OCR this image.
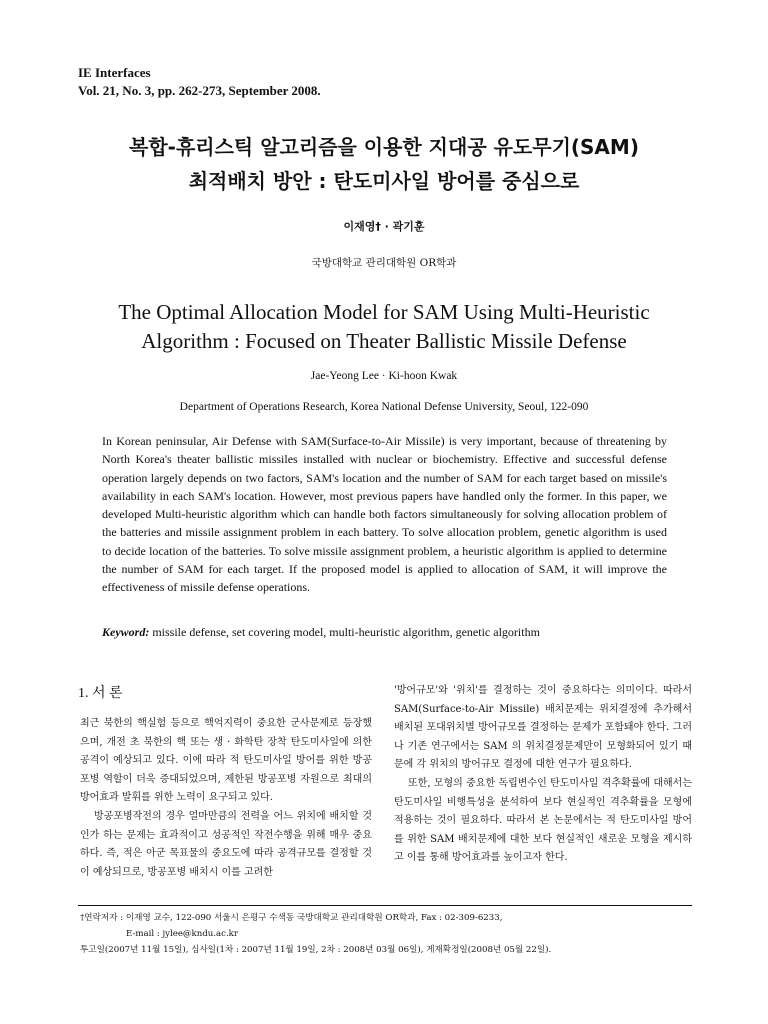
IE Interfaces
Vol. 21, No. 3, pp. 262-273, September 2008.
복합-휴리스틱 알고리즘을 이용한 지대공 유도무기(SAM)
최적배치 방안 : 탄도미사일 방어를 중심으로
이재영† · 곽기훈
국방대학교 관리대학원 OR학과
The Optimal Allocation Model for SAM Using Multi-Heuristic
Algorithm : Focused on Theater Ballistic Missile Defense
Jae-Yeong Lee · Ki-hoon Kwak
Department of Operations Research, Korea National Defense University, Seoul, 122-090
In Korean peninsular, Air Defense with SAM(Surface-to-Air Missile) is very important, because of threatening by North Korea's theater ballistic missiles installed with nuclear or biochemistry. Effective and successful defense operation largely depends on two factors, SAM's location and the number of SAM for each target based on missile's availability in each SAM's location. However, most previous papers have handled only the former. In this paper, we developed Multi-heuristic algorithm which can handle both factors simultaneously for solving allocation problem of the batteries and missile assignment problem in each battery. To solve allocation problem, genetic algorithm is used to decide location of the batteries. To solve missile assignment problem, a heuristic algorithm is applied to determine the number of SAM for each target. If the proposed model is applied to allocation of SAM, it will improve the effectiveness of missile defense operations.
Keyword: missile defense, set covering model, multi-heuristic algorithm, genetic algorithm
1. 서 론

최근 북한의 핵실험 등으로 핵억지력이 중요한 군사문제로 등장했으며, 개전 초 북한의 핵 또는 생 · 화학탄 장착 탄도미사일에 의한 공격이 예상되고 있다. 이에 따라 적 탄도미사일 방어를 위한 방공포병 역할이 더욱 증대되었으며, 제한된 방공포병 자원으로 최대의 방어효과 발휘를 위한 노력이 요구되고 있다.

방공포병작전의 경우 얼마만큼의 전력을 어느 위치에 배치할 것인가 하는 문제는 효과적이고 성공적인 작전수행을 위해 매우 중요하다. 즉, 적은 아군 목표물의 중요도에 따라 공격규모를 결정할 것이 예상되므로, 방공포병 배치시 이를 고려한

'방어규모'와 '위치'를 결정하는 것이 중요하다는 의미이다. 따라서 SAM(Surface-to-Air Missile) 배치문제는 위치결정에 추가해서 배치된 포대위치별 방어규모를 결정하는 문제가 포함돼야 한다. 그러나 기존 연구에서는 SAM 의 위치결정문제만이 모형화되어 있기 때문에 각 위치의 방어규모 결정에 대한 연구가 필요하다.

또한, 모형의 중요한 독립변수인 탄도미사일 격추확률에 대해서는 탄도미사일 비행특성을 분석하여 보다 현실적인 격추확률을 모형에 적용하는 것이 필요하다. 따라서 본 논문에서는 적 탄도미사일 방어를 위한 SAM 배치문제에 대한 보다 현실적인 새로운 모형을 제시하고 이를 통해 방어효과를 높이고자 한다.

†연락저자 : 이재영 교수, 122-090 서울시 은평구 수색동 국방대학교 관리대학원 OR학과, Fax : 02-309-6233,
E-mail : jylee@kndu.ac.kr
투고일(2007년 11월 15일), 심사일(1차 : 2007년 11월 19일, 2차 : 2008년 03월 06일), 게재확정일(2008년 05월 22일).
